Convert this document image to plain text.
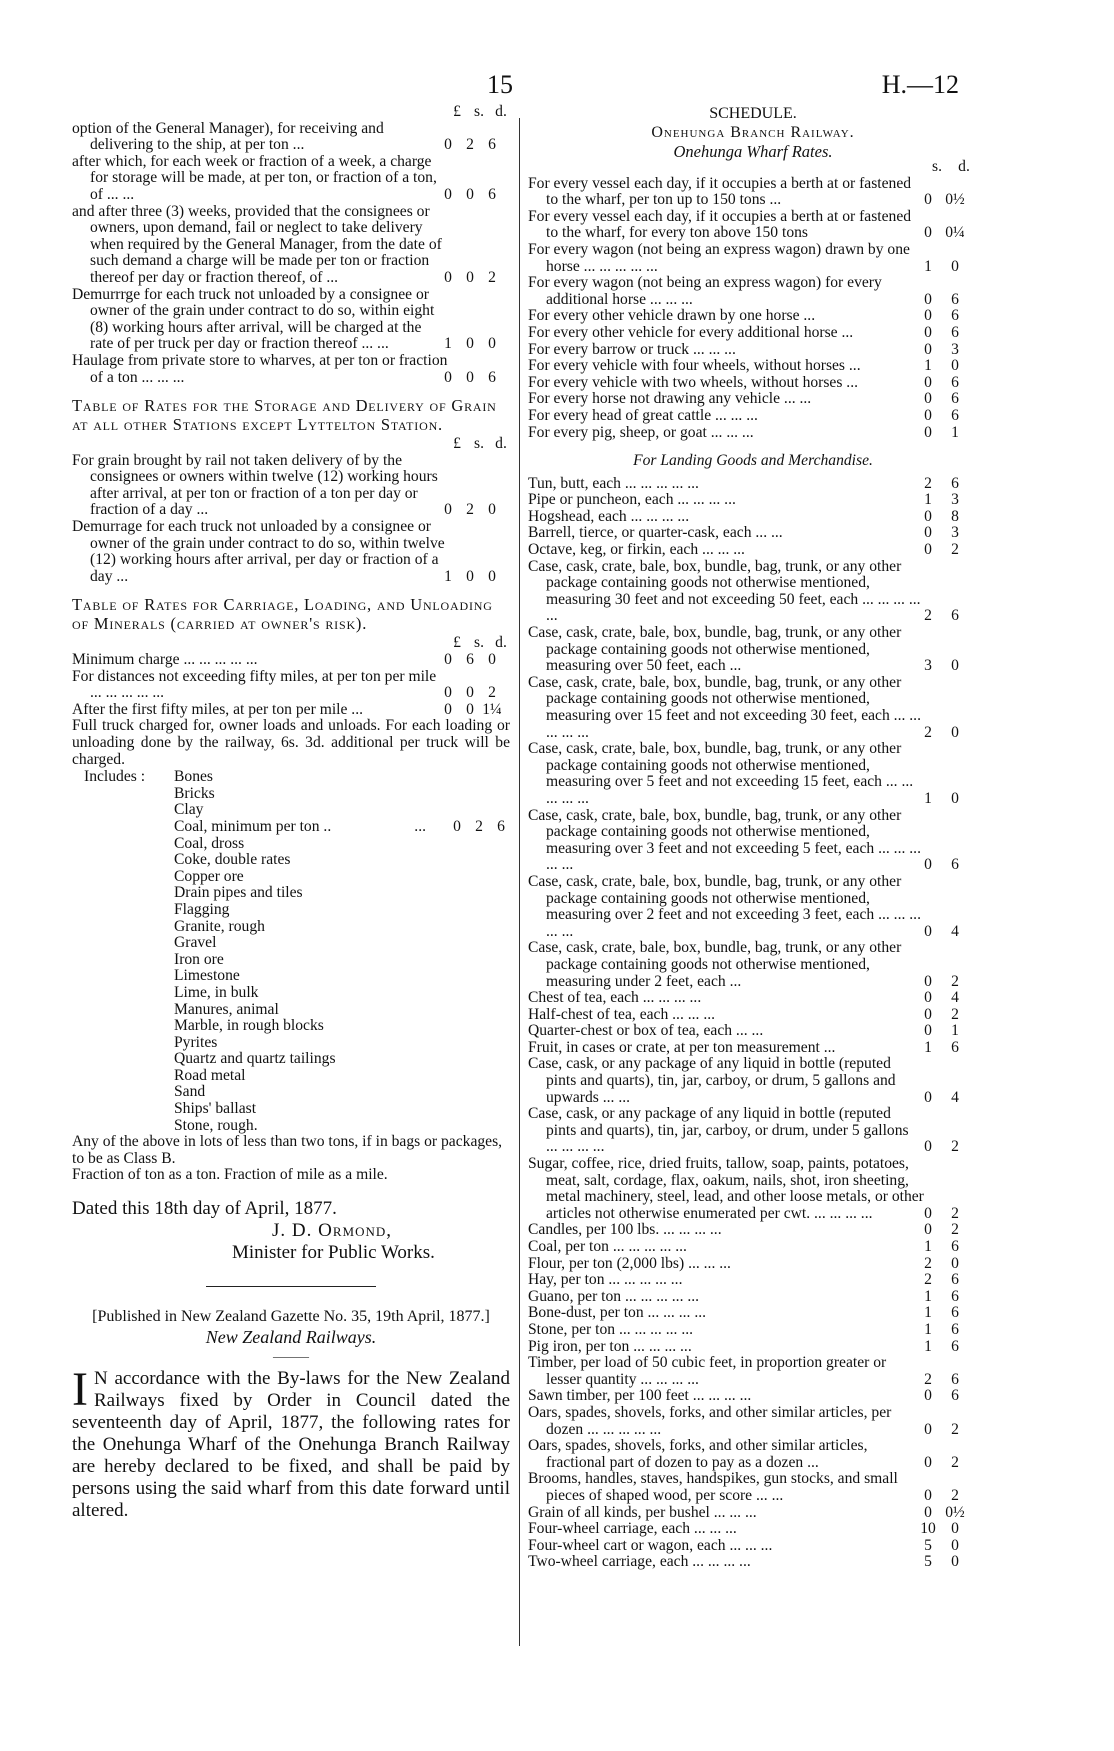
15	H.—12
£ s. d.
option of the General Manager), for receiving and delivering to the ship, at per ton ...	0 2 6
after which, for each week or fraction of a week, a charge for storage will be made, at per ton, or fraction of a ton, of ... ...	0 0 6
and after three (3) weeks, provided that the consignees or owners, upon demand, fail or neglect to take delivery when required by the General Manager, from the date of such demand a charge will be made per ton or fraction thereof per day or fraction thereof, of ...	0 0 2
Demurrrge for each truck not unloaded by a consignee or owner of the grain under contract to do so, within eight (8) working hours after arrival, will be charged at the rate of per truck per day or fraction thereof ... ...	1 0 0
Haulage from private store to wharves, at per ton or fraction of a ton ... ... ...	0 0 6
Table of Rates for the Storage and Delivery of Grain at all other Stations except Lyttelton Station.
£ s. d.
For grain brought by rail not taken delivery of by the consignees or owners within twelve (12) working hours after arrival, at per ton or fraction of a ton per day or fraction of a day ...	0 2 0
Demurrage for each truck not unloaded by a consignee or owner of the grain under contract to do so, within twelve (12) working hours after arrival, per day or fraction of a day ...	1 0 0
Table of Rates for Carriage, Loading, and Unloading of Minerals (carried at owner's risk).
£ s. d.
Minimum charge ... ... ... ... ...	0 6 0
For distances not exceeding fifty miles, at per ton per mile ... ... ... ... ...	0 0 2
After the first fifty miles, at per ton per mile ...	0 0 1¼
Full truck charged for, owner loads and unloads. For each loading or unloading done by the railway, 6s. 3d. additional per truck will be charged.
Includes :	Bones
Bricks
Clay
Coal, minimum per ton ..	...	0 2 6
Coal, dross
Coke, double rates
Copper ore
Drain pipes and tiles
Flagging
Granite, rough
Gravel
Iron ore
Limestone
Lime, in bulk
Manures, animal
Marble, in rough blocks
Pyrites
Quartz and quartz tailings
Road metal
Sand
Ships' ballast
Stone, rough.
Any of the above in lots of less than two tons, if in bags or packages, to be as Class B.
Fraction of ton as a ton. Fraction of mile as a mile.
Dated this 18th day of April, 1877.
J. D. Ormond,
Minister for Public Works.
[Published in New Zealand Gazette No. 35, 19th April, 1877.]
New Zealand Railways.
———
I N accordance with the By-laws for the New Zealand Railways fixed by Order in Council dated the seventeenth day of April, 1877, the following rates for the Onehunga Wharf of the Onehunga Branch Railway are hereby declared to be fixed, and shall be paid by persons using the said wharf from this date forward until altered.
SCHEDULE.
Onehunga Branch Railway.
Onehunga Wharf Rates.
s. d.
For every vessel each day, if it occupies a berth at or fastened to the wharf, per ton up to 150 tons ...	0 0½
For every vessel each day, if it occupies a berth at or fastened to the wharf, for every ton above 150 tons	0 0¼
For every wagon (not being an express wagon) drawn by one horse ... ... ... ... ...	1	0
For every wagon (not being an express wagon) for every additional horse ... ... ...	0	6
For every other vehicle drawn by one horse ...	0	6
For every other vehicle for every additional horse ...	0	6
For every barrow or truck ... ... ...	0	3
For every vehicle with four wheels, without horses ...	1	0
For every vehicle with two wheels, without horses ...	0	6
For every horse not drawing any vehicle ... ...	0	6
For every head of great cattle ... ... ...	0	6
For every pig, sheep, or goat ... ... ...	0	1
For Landing Goods and Merchandise.
Tun, butt, each ... ... ... ... ...	2	6
Pipe or puncheon, each ... ... ... ...	1	3
Hogshead, each ... ... ... ...	0	8
Barrell, tierce, or quarter-cask, each ... ...	0	3
Octave, keg, or firkin, each ... ... ...	0	2
Case, cask, crate, bale, box, bundle, bag, trunk, or any other package containing goods not otherwise mentioned, measuring 30 feet and not exceeding 50 feet, each ... ... ... ... ...	2	6
Case, cask, crate, bale, box, bundle, bag, trunk, or any other package containing goods not otherwise mentioned, measuring over 50 feet, each ...	3	0
Case, cask, crate, bale, box, bundle, bag, trunk, or any other package containing goods not otherwise mentioned, measuring over 15 feet and not exceeding 30 feet, each ... ... ... ... ...	2	0
Case, cask, crate, bale, box, bundle, bag, trunk, or any other package containing goods not otherwise mentioned, measuring over 5 feet and not exceeding 15 feet, each ... ... ... ... ...	1	0
Case, cask, crate, bale, box, bundle, bag, trunk, or any other package containing goods not otherwise mentioned, measuring over 3 feet and not exceeding 5 feet, each ... ... ... ... ...	0	6
Case, cask, crate, bale, box, bundle, bag, trunk, or any other package containing goods not otherwise mentioned, measuring over 2 feet and not exceeding 3 feet, each ... ... ... ... ...	0	4
Case, cask, crate, bale, box, bundle, bag, trunk, or any other package containing goods not otherwise mentioned, measuring under 2 feet, each ...	0	2
Chest of tea, each ... ... ... ...	0	4
Half-chest of tea, each ... ... ...	0	2
Quarter-chest or box of tea, each ... ...	0	1
Fruit, in cases or crate, at per ton measurement ...	1	6
Case, cask, or any package of any liquid in bottle (reputed pints and quarts), tin, jar, carboy, or drum, 5 gallons and upwards ... ...	0	4
Case, cask, or any package of any liquid in bottle (reputed pints and quarts), tin, jar, carboy, or drum, under 5 gallons ... ... ... ...	0	2
Sugar, coffee, rice, dried fruits, tallow, soap, paints, potatoes, meat, salt, cordage, flax, oakum, nails, shot, iron sheeting, metal machinery, steel, lead, and other loose metals, or other articles not otherwise enumerated per cwt. ... ... ... ...	0	2
Candles, per 100 lbs. ... ... ... ...	0	2
Coal, per ton ... ... ... ... ...	1	6
Flour, per ton (2,000 lbs) ... ... ...	2	0
Hay, per ton ... ... ... ... ...	2	6
Guano, per ton ... ... ... ... ...	1	6
Bone-dust, per ton ... ... ... ...	1	6
Stone, per ton ... ... ... ... ...	1	6
Pig iron, per ton ... ... ... ...	1	6
Timber, per load of 50 cubic feet, in proportion greater or lesser quantity ... ... ... ...	2	6
Sawn timber, per 100 feet ... ... ... ...	0	6
Oars, spades, shovels, forks, and other similar articles, per dozen ... ... ... ... ...	0	2
Oars, spades, shovels, forks, and other similar articles, fractional part of dozen to pay as a dozen ...	0	2
Brooms, handles, staves, handspikes, gun stocks, and small pieces of shaped wood, per score ... ...	0	2
Grain of all kinds, per bushel ... ... ...	0 0½
Four-wheel carriage, each ... ... ...	10 0
Four-wheel cart or wagon, each ... ... ...	5	0
Two-wheel carriage, each ... ... ... ...	5	0
